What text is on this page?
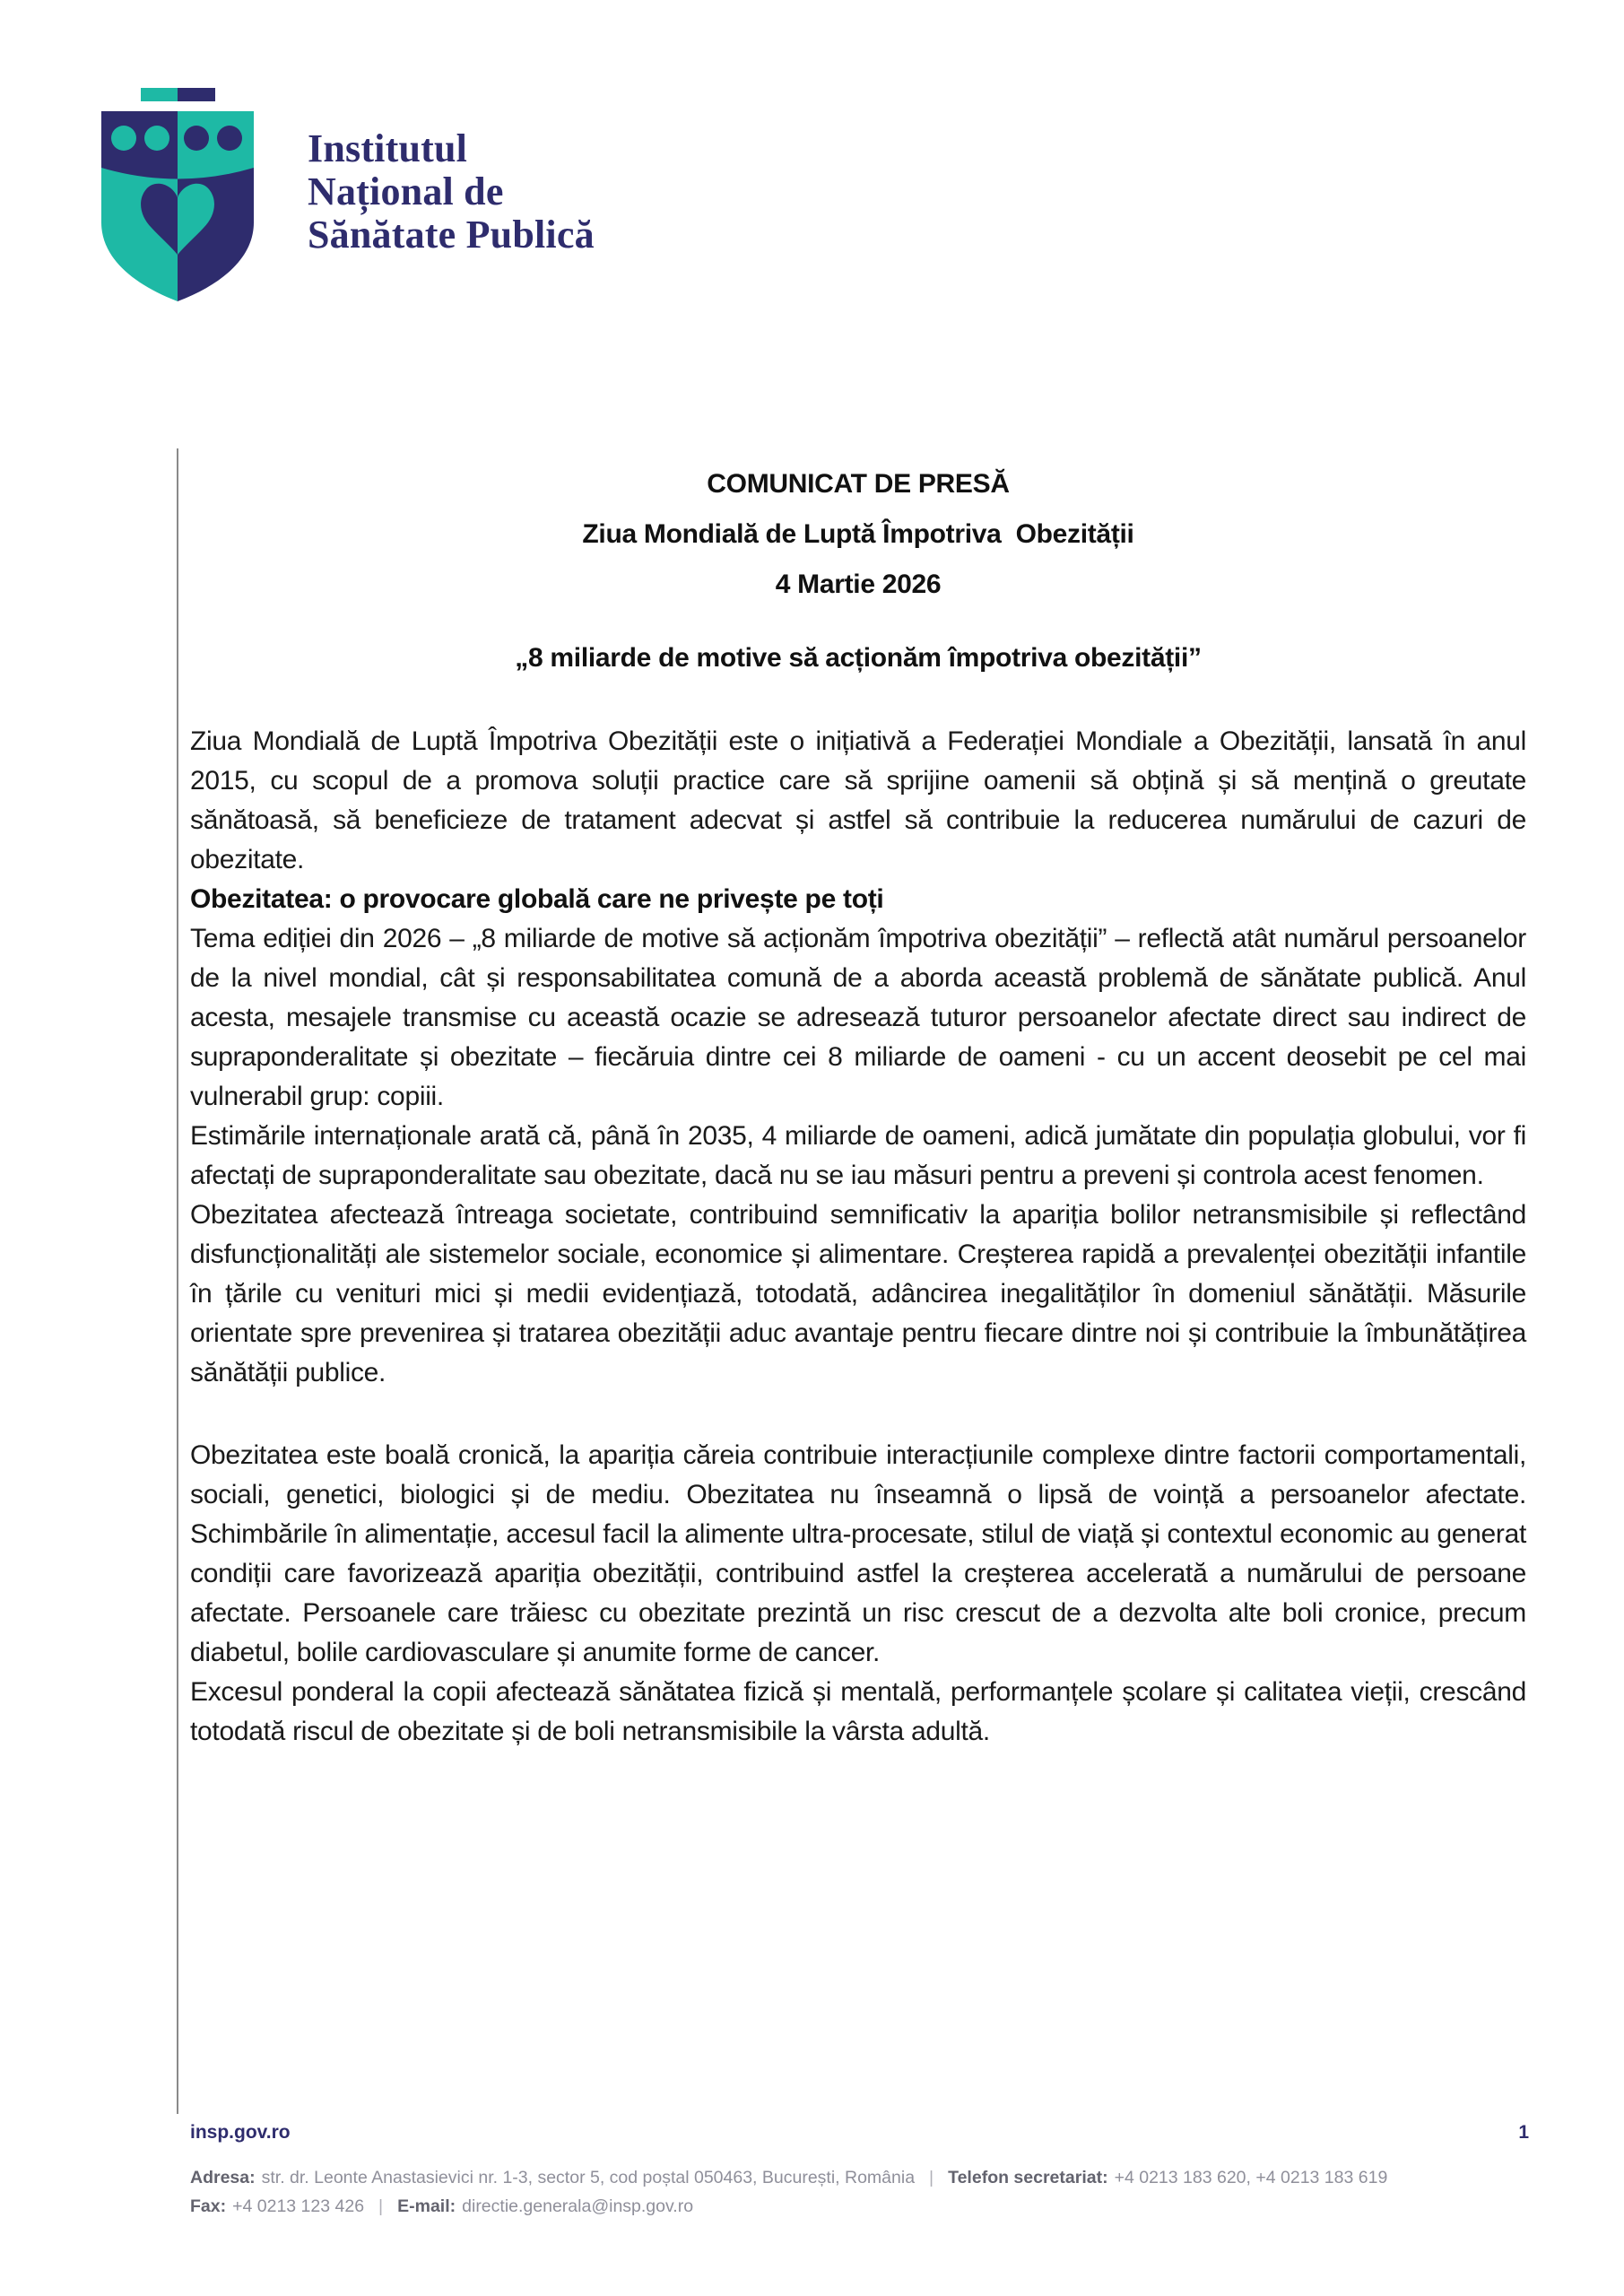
Institutul
Național de
Sănătate Publică
COMUNICAT DE PRESĂ
Ziua Mondială de Luptă Împotriva  Obezității
4 Martie 2026
„8 miliarde de motive să acționăm împotriva obezității”

Ziua Mondială de Luptă Împotriva Obezității este o inițiativă a Federației Mondiale a Obezității, lansată în anul 2015, cu scopul de a promova soluții practice care să sprijine oamenii să obțină și să mențină o greutate sănătoasă, să beneficieze de tratament adecvat și astfel să contribuie la reducerea numărului de cazuri de obezitate.

Obezitatea: o provocare globală care ne privește pe toți

Tema ediției din 2026 – „8 miliarde de motive să acționăm împotriva obezității” – reflectă atât numărul persoanelor de la nivel mondial, cât și responsabilitatea comună de a aborda această problemă de sănătate publică. Anul acesta, mesajele transmise cu această ocazie se adresează tuturor persoanelor afectate direct sau indirect de supraponderalitate și obezitate – fiecăruia dintre cei 8 miliarde de oameni - cu un accent deosebit pe cel mai vulnerabil grup: copiii.

Estimările internaționale arată că, până în 2035, 4 miliarde de oameni, adică jumătate din populația globului, vor fi afectați de supraponderalitate sau obezitate, dacă nu se iau măsuri pentru a preveni și controla acest fenomen.

Obezitatea afectează întreaga societate, contribuind semnificativ la apariția bolilor netransmisibile și reflectând disfuncționalități ale sistemelor sociale, economice și alimentare. Creșterea rapidă a prevalenței obezității infantile în țările cu venituri mici și medii evidențiază, totodată, adâncirea inegalităților în domeniul sănătății. Măsurile orientate spre prevenirea și tratarea obezității aduc avantaje pentru fiecare dintre noi și contribuie la îmbunătățirea sănătății publice.

Obezitatea este boală cronică, la apariția căreia contribuie interacțiunile complexe dintre factorii comportamentali, sociali, genetici, biologici și de mediu. Obezitatea nu înseamnă o lipsă de voință a persoanelor afectate. Schimbările în alimentație, accesul facil la alimente ultra-procesate, stilul de viață și contextul economic au generat condiții care favorizează apariția obezității, contribuind astfel la creșterea accelerată a numărului de persoane afectate. Persoanele care trăiesc cu obezitate prezintă un risc crescut de a dezvolta alte boli cronice, precum diabetul, bolile cardiovasculare și anumite forme de cancer.

Excesul ponderal la copii afectează sănătatea fizică și mentală, performanțele școlare și calitatea vieții, crescând totodată riscul de obezitate și de boli netransmisibile la vârsta adultă.

insp.gov.ro	1
Adresa: str. dr. Leonte Anastasievici nr. 1-3, sector 5, cod poștal 050463, București, România | Telefon secretariat: +4 0213 183 620, +4 0213 183 619
Fax: +4 0213 123 426 | E-mail: directie.generala@insp.gov.ro
